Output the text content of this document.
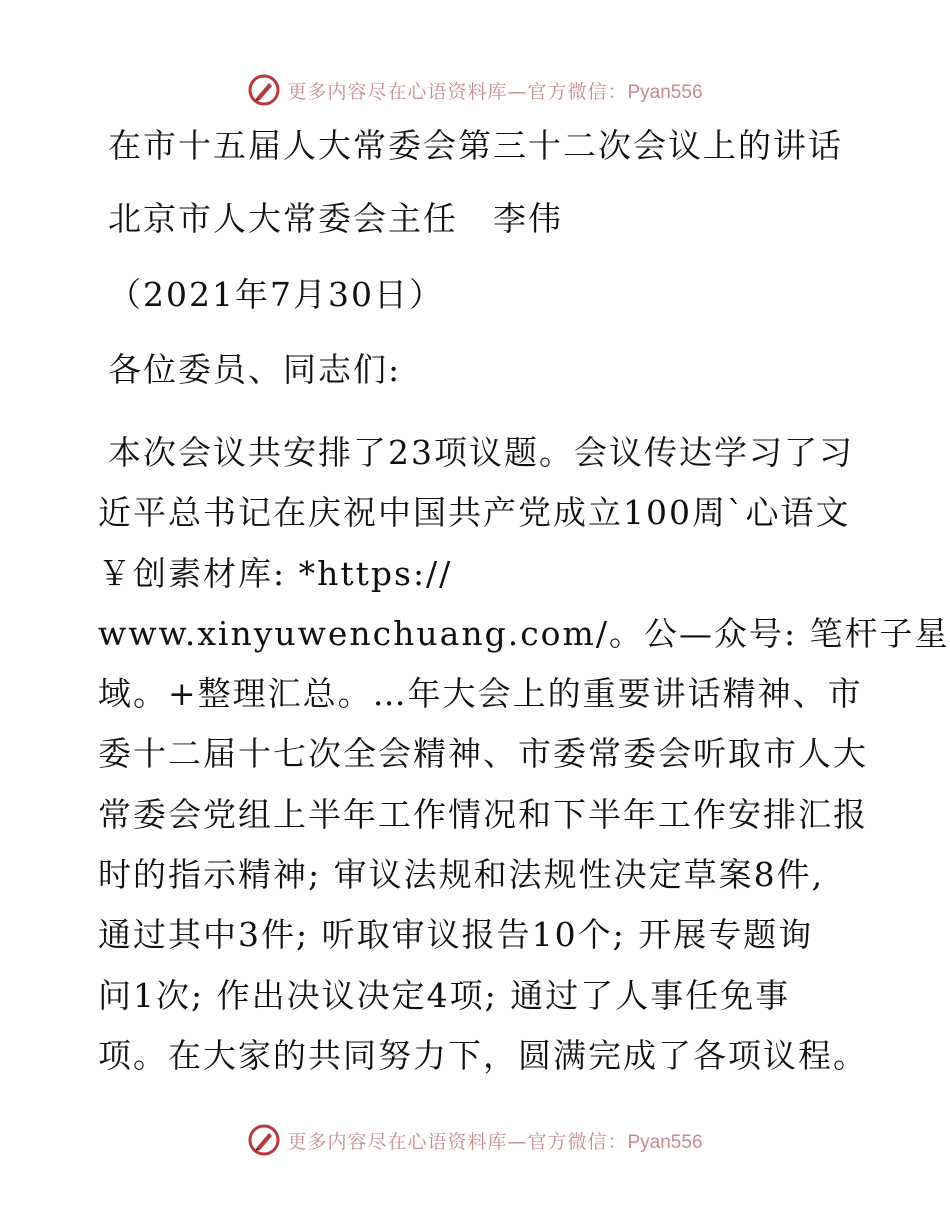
更多内容尽在心语资料库—官方微信：Pyan556
在市十五届人大常委会第三十二次会议上的讲话
北京市人大常委会主任　李伟
（2021年7月30日）
各位委员、同志们:
本次会议共安排了23项议题。会议传达学习了习
近平总书记在庆祝中国共产党成立100周`心语文
￥创素材库: *https://
www.xinyuwenchuang.com/。公—众号: 笔杆子星
域。+整理汇总。…年大会上的重要讲话精神、市
委十二届十七次全会精神、市委常委会听取市人大
常委会党组上半年工作情况和下半年工作安排汇报
时的指示精神; 审议法规和法规性决定草案8件,
通过其中3件; 听取审议报告10个; 开展专题询
问1次; 作出决议决定4项; 通过了人事任免事
项。在大家的共同努力下，圆满完成了各项议程。
更多内容尽在心语资料库—官方微信：Pyan556
